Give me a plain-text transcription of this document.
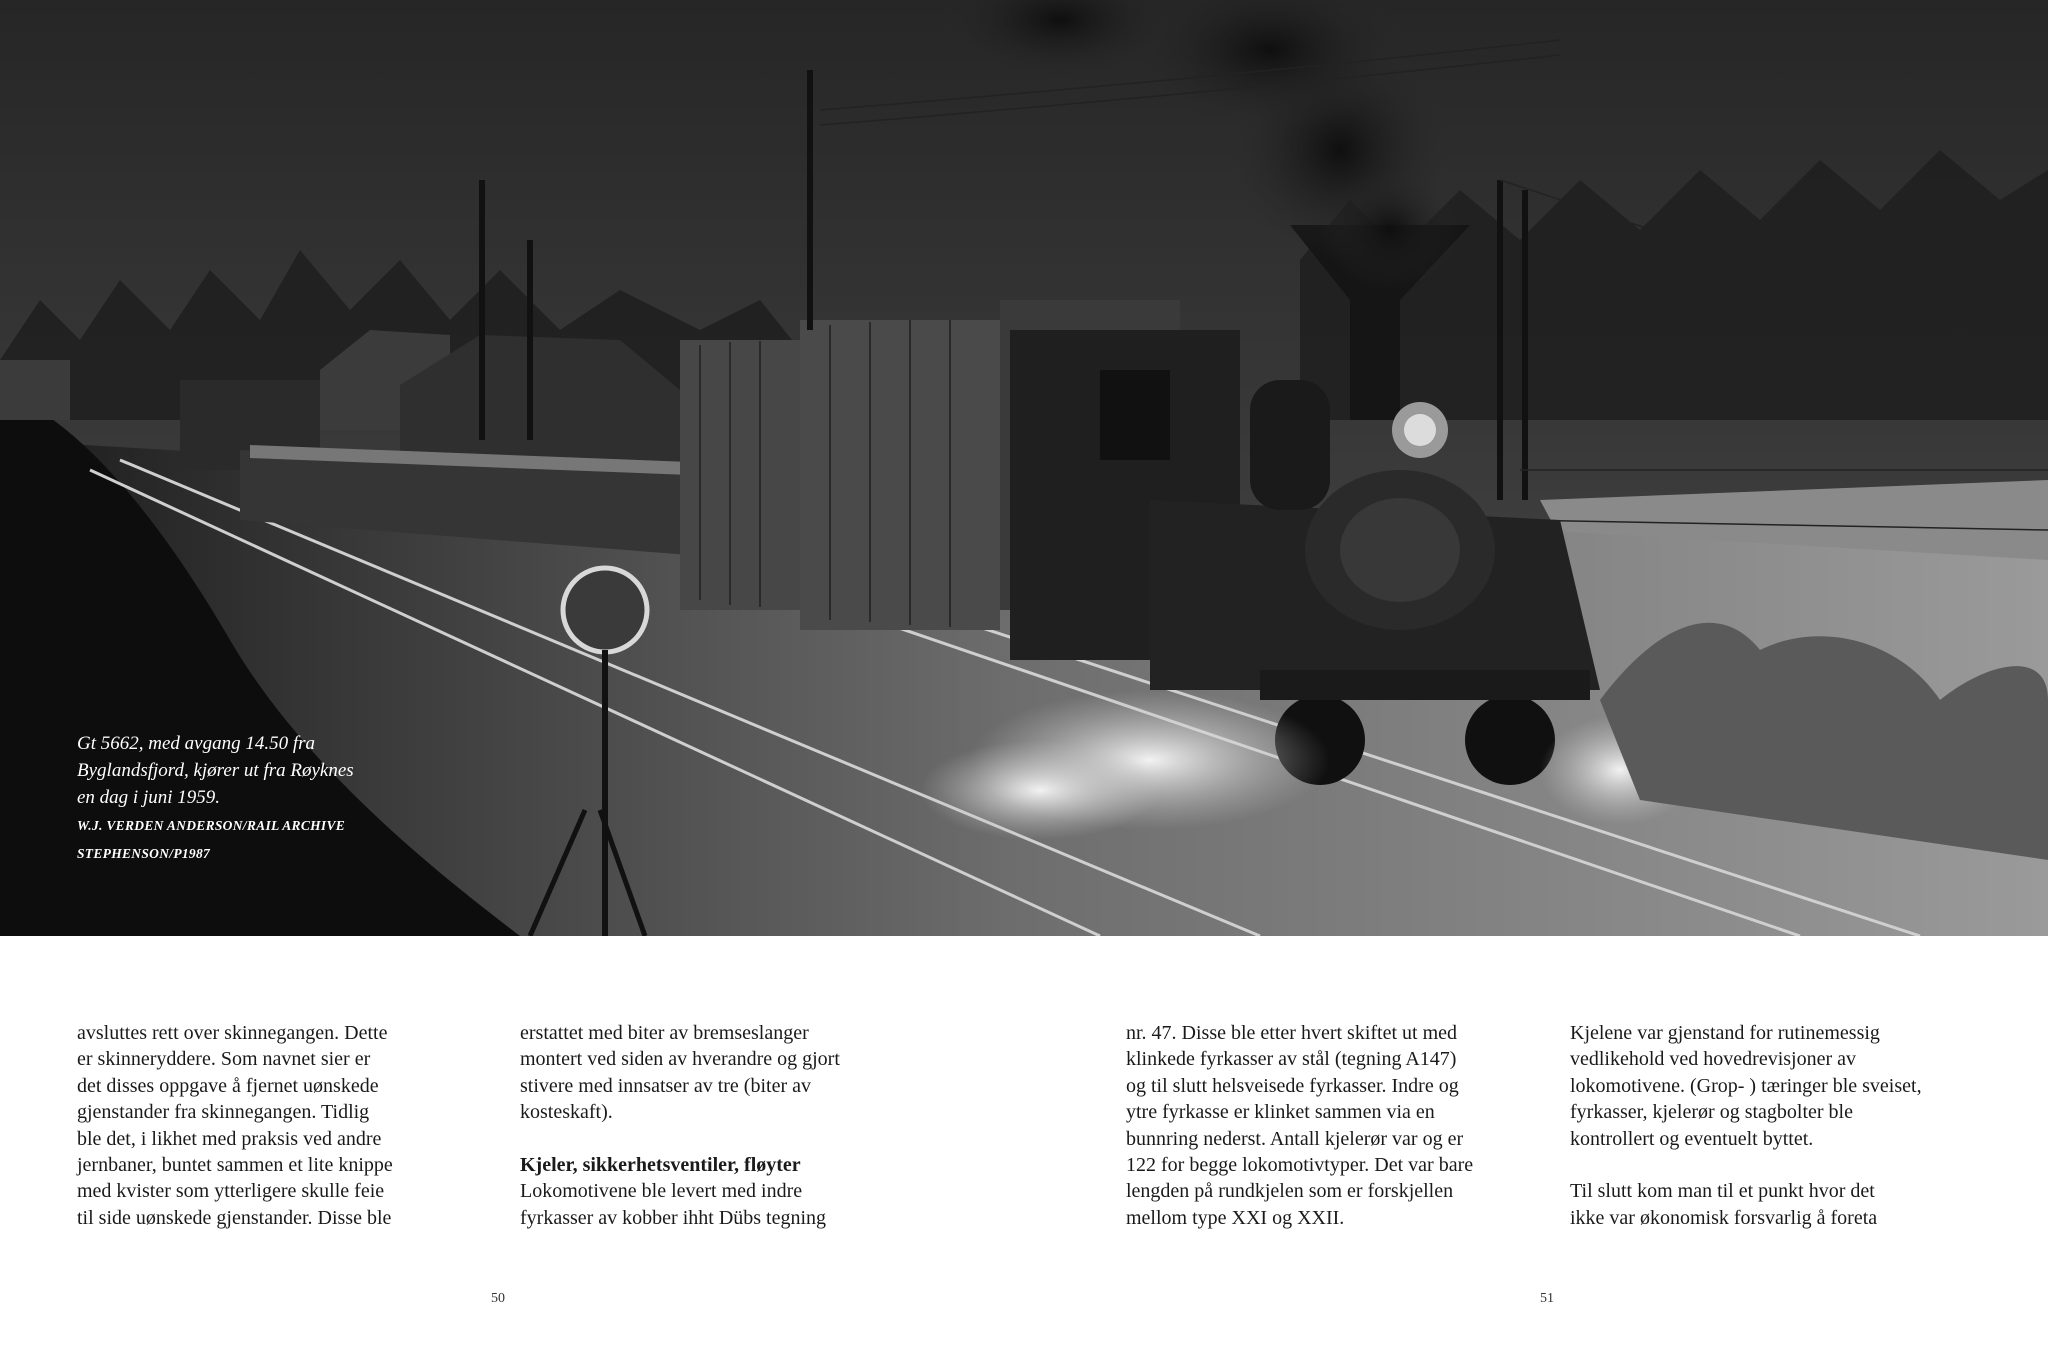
Gt 5662, med avgang 14.50 fra
Byglandsfjord, kjører ut fra Røyknes
en dag i juni 1959.
W.J. VERDEN ANDERSON/RAIL ARCHIVE
STEPHENSON/P1987
avsluttes rett over skinnegangen. Dette
er skinneryddere. Som navnet sier er
det disses oppgave å fjernet uønskede
gjenstander fra skinnegangen. Tidlig
ble det, i likhet med praksis ved andre
jernbaner, buntet sammen et lite knippe
med kvister som ytterligere skulle feie
til side uønskede gjenstander. Disse ble
erstattet med biter av bremseslanger
montert ved siden av hverandre og gjort
stivere med innsatser av tre (biter av
kosteskaft).
Kjeler, sikkerhetsventiler, fløyter
Lokomotivene ble levert med indre
fyrkasser av kobber ihht Dübs tegning
nr. 47. Disse ble etter hvert skiftet ut med
klinkede fyrkasser av stål (tegning A147)
og til slutt helsveisede fyrkasser. Indre og
ytre fyrkasse er klinket sammen via en
bunnring nederst. Antall kjelerør var og er
122 for begge lokomotivtyper. Det var bare
lengden på rundkjelen som er forskjellen
mellom type XXI og XXII.
Kjelene var gjenstand for rutinemessig
vedlikehold ved hovedrevisjoner av
lokomotivene. (Grop- ) tæringer ble sveiset,
fyrkasser, kjelerør og stagbolter ble
kontrollert og eventuelt byttet.
Til slutt kom man til et punkt hvor det
ikke var økonomisk forsvarlig å foreta
50	51
